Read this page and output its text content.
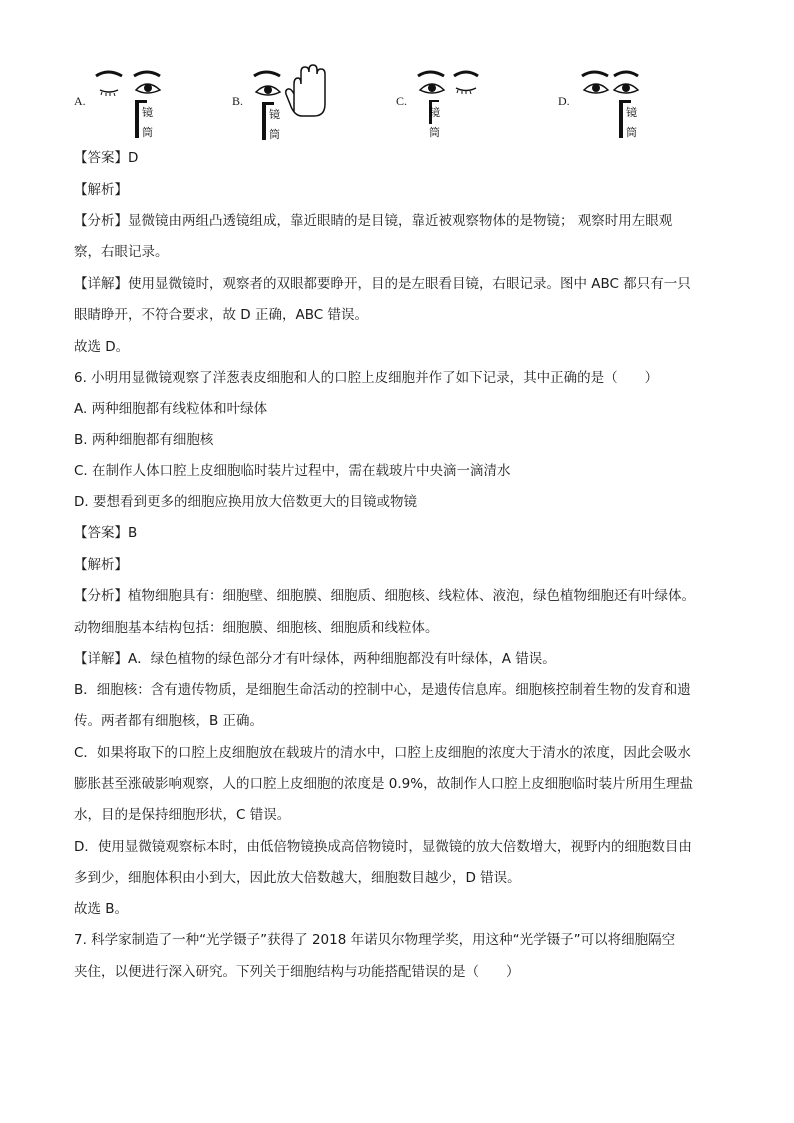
A.
镜
筒
B.
镜
筒
C.
镜
筒
D.
镜
筒
【答案】D
【解析】
【分析】显微镜由两组凸透镜组成，靠近眼睛的是目镜，靠近被观察物体的是物镜； 观察时用左眼观
察，右眼记录。
【详解】使用显微镜时，观察者的双眼都要睁开，目的是左眼看目镜，右眼记录。图中 ABC 都只有一只
眼睛睁开，不符合要求，故 D 正确，ABC 错误。
故选 D。
6. 小明用显微镜观察了洋葱表皮细胞和人的口腔上皮细胞并作了如下记录，其中正确的是（　　）
A. 两种细胞都有线粒体和叶绿体
B. 两种细胞都有细胞核
C. 在制作人体口腔上皮细胞临时装片过程中，需在载玻片中央滴一滴清水
D. 要想看到更多的细胞应换用放大倍数更大的目镜或物镜
【答案】B
【解析】
【分析】植物细胞具有：细胞壁、细胞膜、细胞质、细胞核、线粒体、液泡，绿色植物细胞还有叶绿体。
动物细胞基本结构包括：细胞膜、细胞核、细胞质和线粒体。
【详解】A．绿色植物的绿色部分才有叶绿体，两种细胞都没有叶绿体，A 错误。
B．细胞核：含有遗传物质，是细胞生命活动的控制中心，是遗传信息库。细胞核控制着生物的发育和遗
传。两者都有细胞核，B 正确。
C．如果将取下的口腔上皮细胞放在载玻片的清水中，口腔上皮细胞的浓度大于清水的浓度，因此会吸水
膨胀甚至涨破影响观察，人的口腔上皮细胞的浓度是 0.9%，故制作人口腔上皮细胞临时装片所用生理盐
水，目的是保持细胞形状，C 错误。
D．使用显微镜观察标本时，由低倍物镜换成高倍物镜时，显微镜的放大倍数增大，视野内的细胞数目由
多到少，细胞体积由小到大，因此放大倍数越大，细胞数目越少，D 错误。
故选 B。
7. 科学家制造了一种“光学镊子”获得了 2018 年诺贝尔物理学奖，用这种“光学镊子”可以将细胞隔空
夹住，以便进行深入研究。下列关于细胞结构与功能搭配错误的是（　　）
